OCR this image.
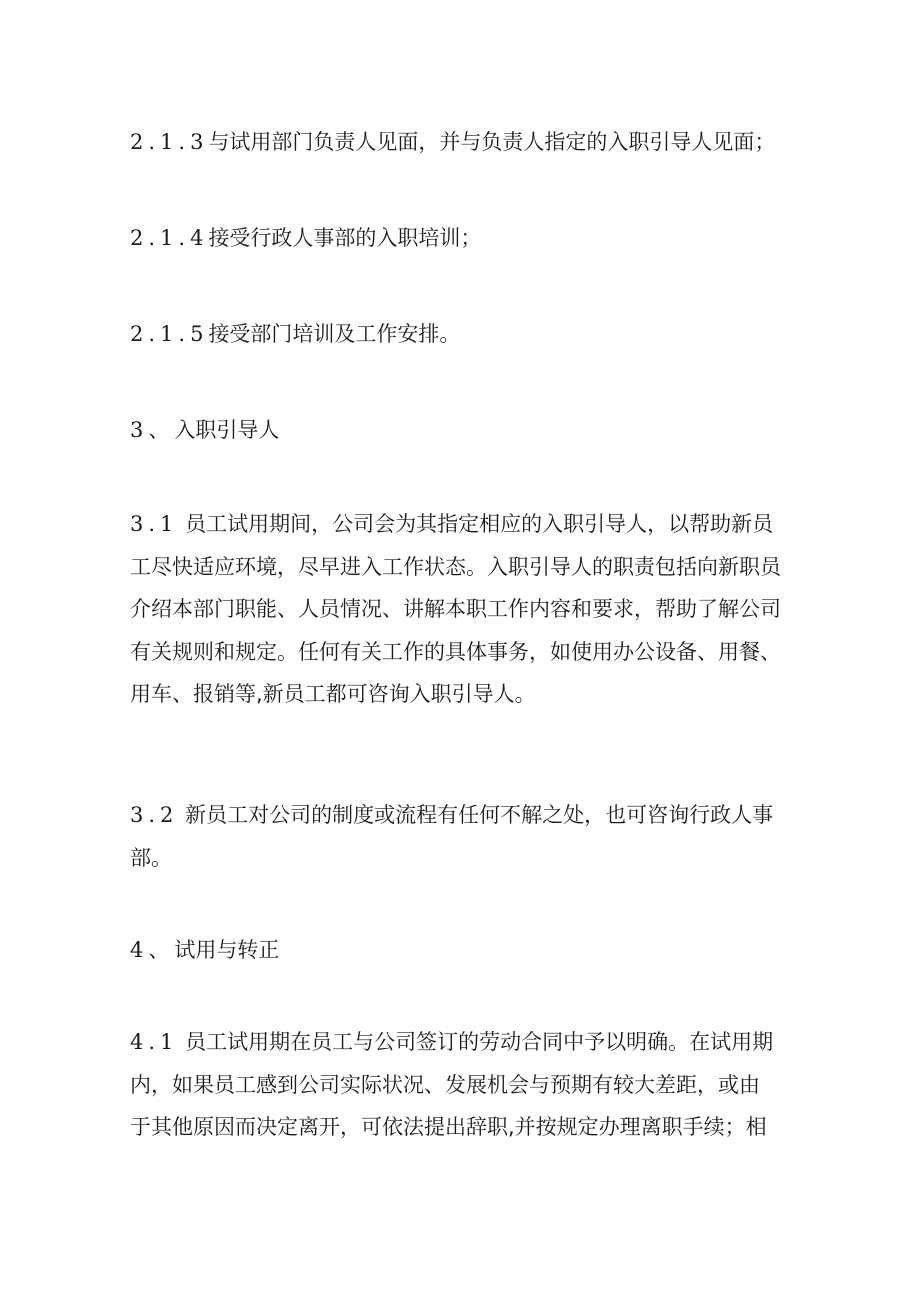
2.1.3与试用部门负责人见面，并与负责人指定的入职引导人见面；

2.1.4接受行政人事部的入职培训；

2.1.5接受部门培训及工作安排。

3、入职引导人

3.1 员工试用期间，公司会为其指定相应的入职引导人，以帮助新员
工尽快适应环境，尽早进入工作状态。入职引导人的职责包括向新职员
介绍本部门职能、人员情况、讲解本职工作内容和要求，帮助了解公司
有关规则和规定。任何有关工作的具体事务，如使用办公设备、用餐、
用车、报销等,新员工都可咨询入职引导人。

3.2 新员工对公司的制度或流程有任何不解之处，也可咨询行政人事
部。

4、试用与转正

4.1 员工试用期在员工与公司签订的劳动合同中予以明确。在试用期
内，如果员工感到公司实际状况、发展机会与预期有较大差距，或由
于其他原因而决定离开，可依法提出辞职,并按规定办理离职手续；相
